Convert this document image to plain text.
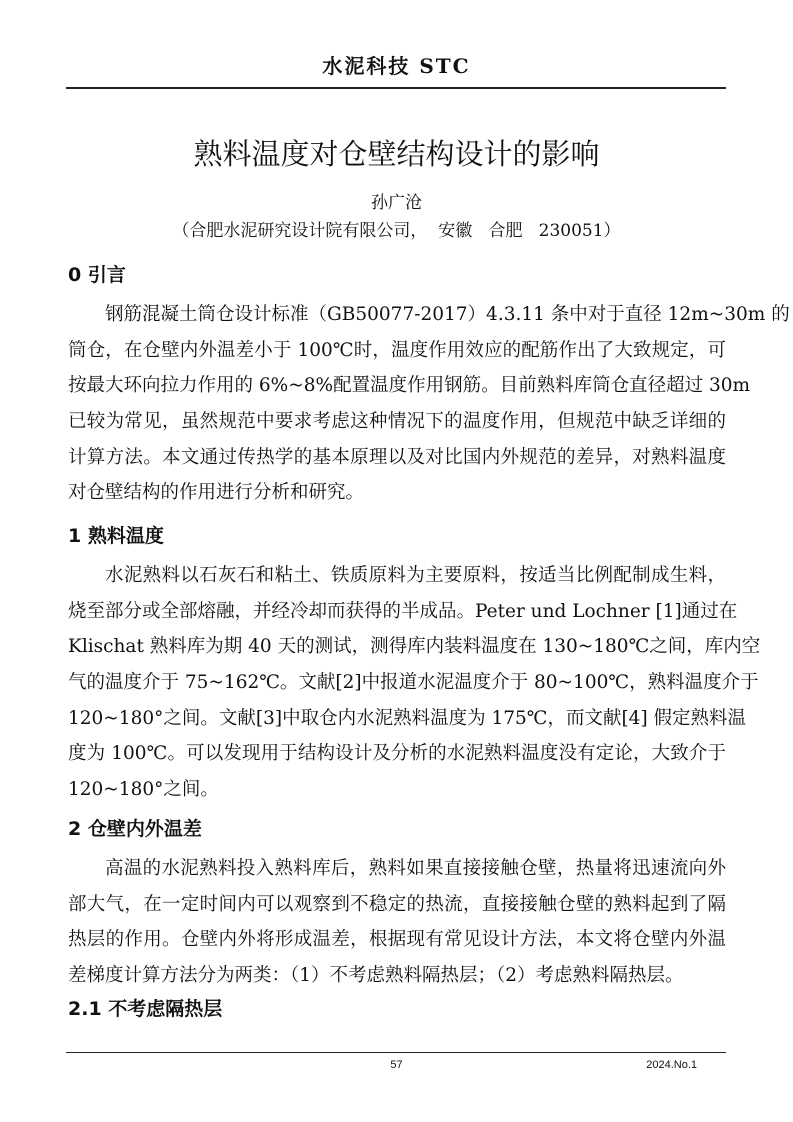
水泥科技 STC
熟料温度对仓壁结构设计的影响
孙广沧
（合肥水泥研究设计院有限公司，  安徽   合肥   230051）
0 引言
钢筋混凝土筒仓设计标准（GB50077-2017）4.3.11 条中对于直径 12m~30m 的
筒仓，在仓壁内外温差小于 100℃时，温度作用效应的配筋作出了大致规定，可
按最大环向拉力作用的 6%~8%配置温度作用钢筋。目前熟料库筒仓直径超过 30m
已较为常见，虽然规范中要求考虑这种情况下的温度作用，但规范中缺乏详细的
计算方法。本文通过传热学的基本原理以及对比国内外规范的差异，对熟料温度
对仓壁结构的作用进行分析和研究。
1 熟料温度
水泥熟料以石灰石和粘土、铁质原料为主要原料，按适当比例配制成生料，
烧至部分或全部熔融，并经冷却而获得的半成品。Peter und Lochner [1]通过在
Klischat 熟料库为期 40 天的测试，测得库内装料温度在 130~180℃之间，库内空
气的温度介于 75~162℃。文献[2]中报道水泥温度介于 80~100℃，熟料温度介于
120~180°之间。文献[3]中取仓内水泥熟料温度为 175℃，而文献[4] 假定熟料温
度为 100℃。可以发现用于结构设计及分析的水泥熟料温度没有定论，大致介于
120~180°之间。
2 仓壁内外温差
高温的水泥熟料投入熟料库后，熟料如果直接接触仓壁，热量将迅速流向外
部大气，在一定时间内可以观察到不稳定的热流，直接接触仓壁的熟料起到了隔
热层的作用。仓壁内外将形成温差，根据现有常见设计方法，本文将仓壁内外温
差梯度计算方法分为两类：（1）不考虑熟料隔热层；（2）考虑熟料隔热层。
2.1 不考虑隔热层
57	2024.No.1
